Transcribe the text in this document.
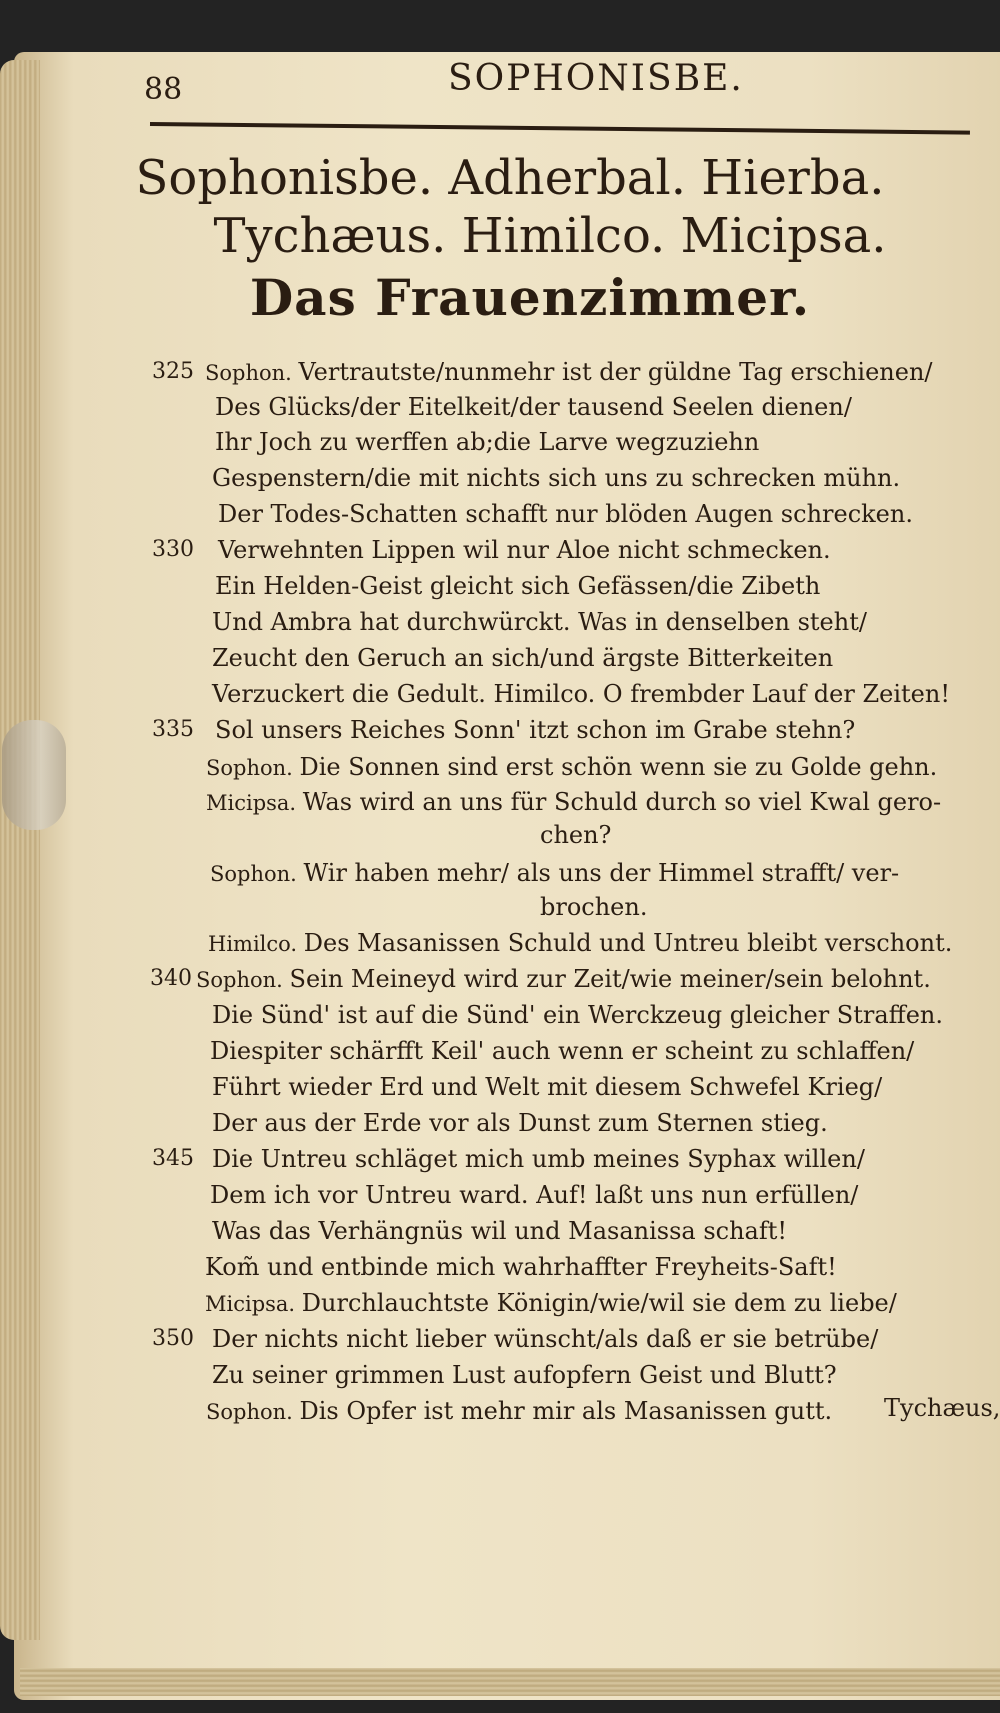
88	SOPHONISBE.
Sophonisbe. Adherbal. Hierba.
Tychæus. Himilco. Micipsa.
Das Frauenzimmer.
325 Sophon. Vertrautste/nunmehr ist der güldne Tag erschienen/
Des Glücks/der Eitelkeit/der tausend Seelen dienen/
Ihr Joch zu werffen ab;die Larve wegzuziehn
Gespenstern/die mit nichts sich uns zu schrecken mühn.
Der Todes-Schatten schafft nur blöden Augen schrecken.
330 Verwehnten Lippen wil nur Aloe nicht schmecken.
Ein Helden-Geist gleicht sich Gefässen/die Zibeth
Und Ambra hat durchwürckt. Was in denselben steht/
Zeucht den Geruch an sich/und ärgste Bitterkeiten
Verzuckert die Gedult. Himilco. O frembder Lauf der Zeiten!
335 Sol unsers Reiches Sonn' itzt schon im Grabe stehn?
Sophon. Die Sonnen sind erst schön wenn sie zu Golde gehn.
Micipsa. Was wird an uns für Schuld durch so viel Kwal gero-
chen?
Sophon. Wir haben mehr/ als uns der Himmel strafft/ ver-
brochen.
Himilco. Des Masanissen Schuld und Untreu bleibt verschont.
340 Sophon. Sein Meineyd wird zur Zeit/wie meiner/sein belohnt.
Die Sünd' ist auf die Sünd' ein Werckzeug gleicher Straffen.
Diespiter schärfft Keil' auch wenn er scheint zu schlaffen/
Führt wieder Erd und Welt mit diesem Schwefel Krieg/
Der aus der Erde vor als Dunst zum Sternen stieg.
345 Die Untreu schläget mich umb meines Syphax willen/
Dem ich vor Untreu ward. Auf! laßt uns nun erfüllen/
Was das Verhängnüs wil und Masanissa schaft!
Kom̃ und entbinde mich wahrhaffter Freyheits-Saft!
Micipsa. Durchlauchtste Königin/wie/wil sie dem zu liebe/
350 Der nichts nicht lieber wünscht/als daß er sie betrübe/
Zu seiner grimmen Lust aufopfern Geist und Blutt?
Sophon. Dis Opfer ist mehr mir als Masanissen gutt. Tychæus,
